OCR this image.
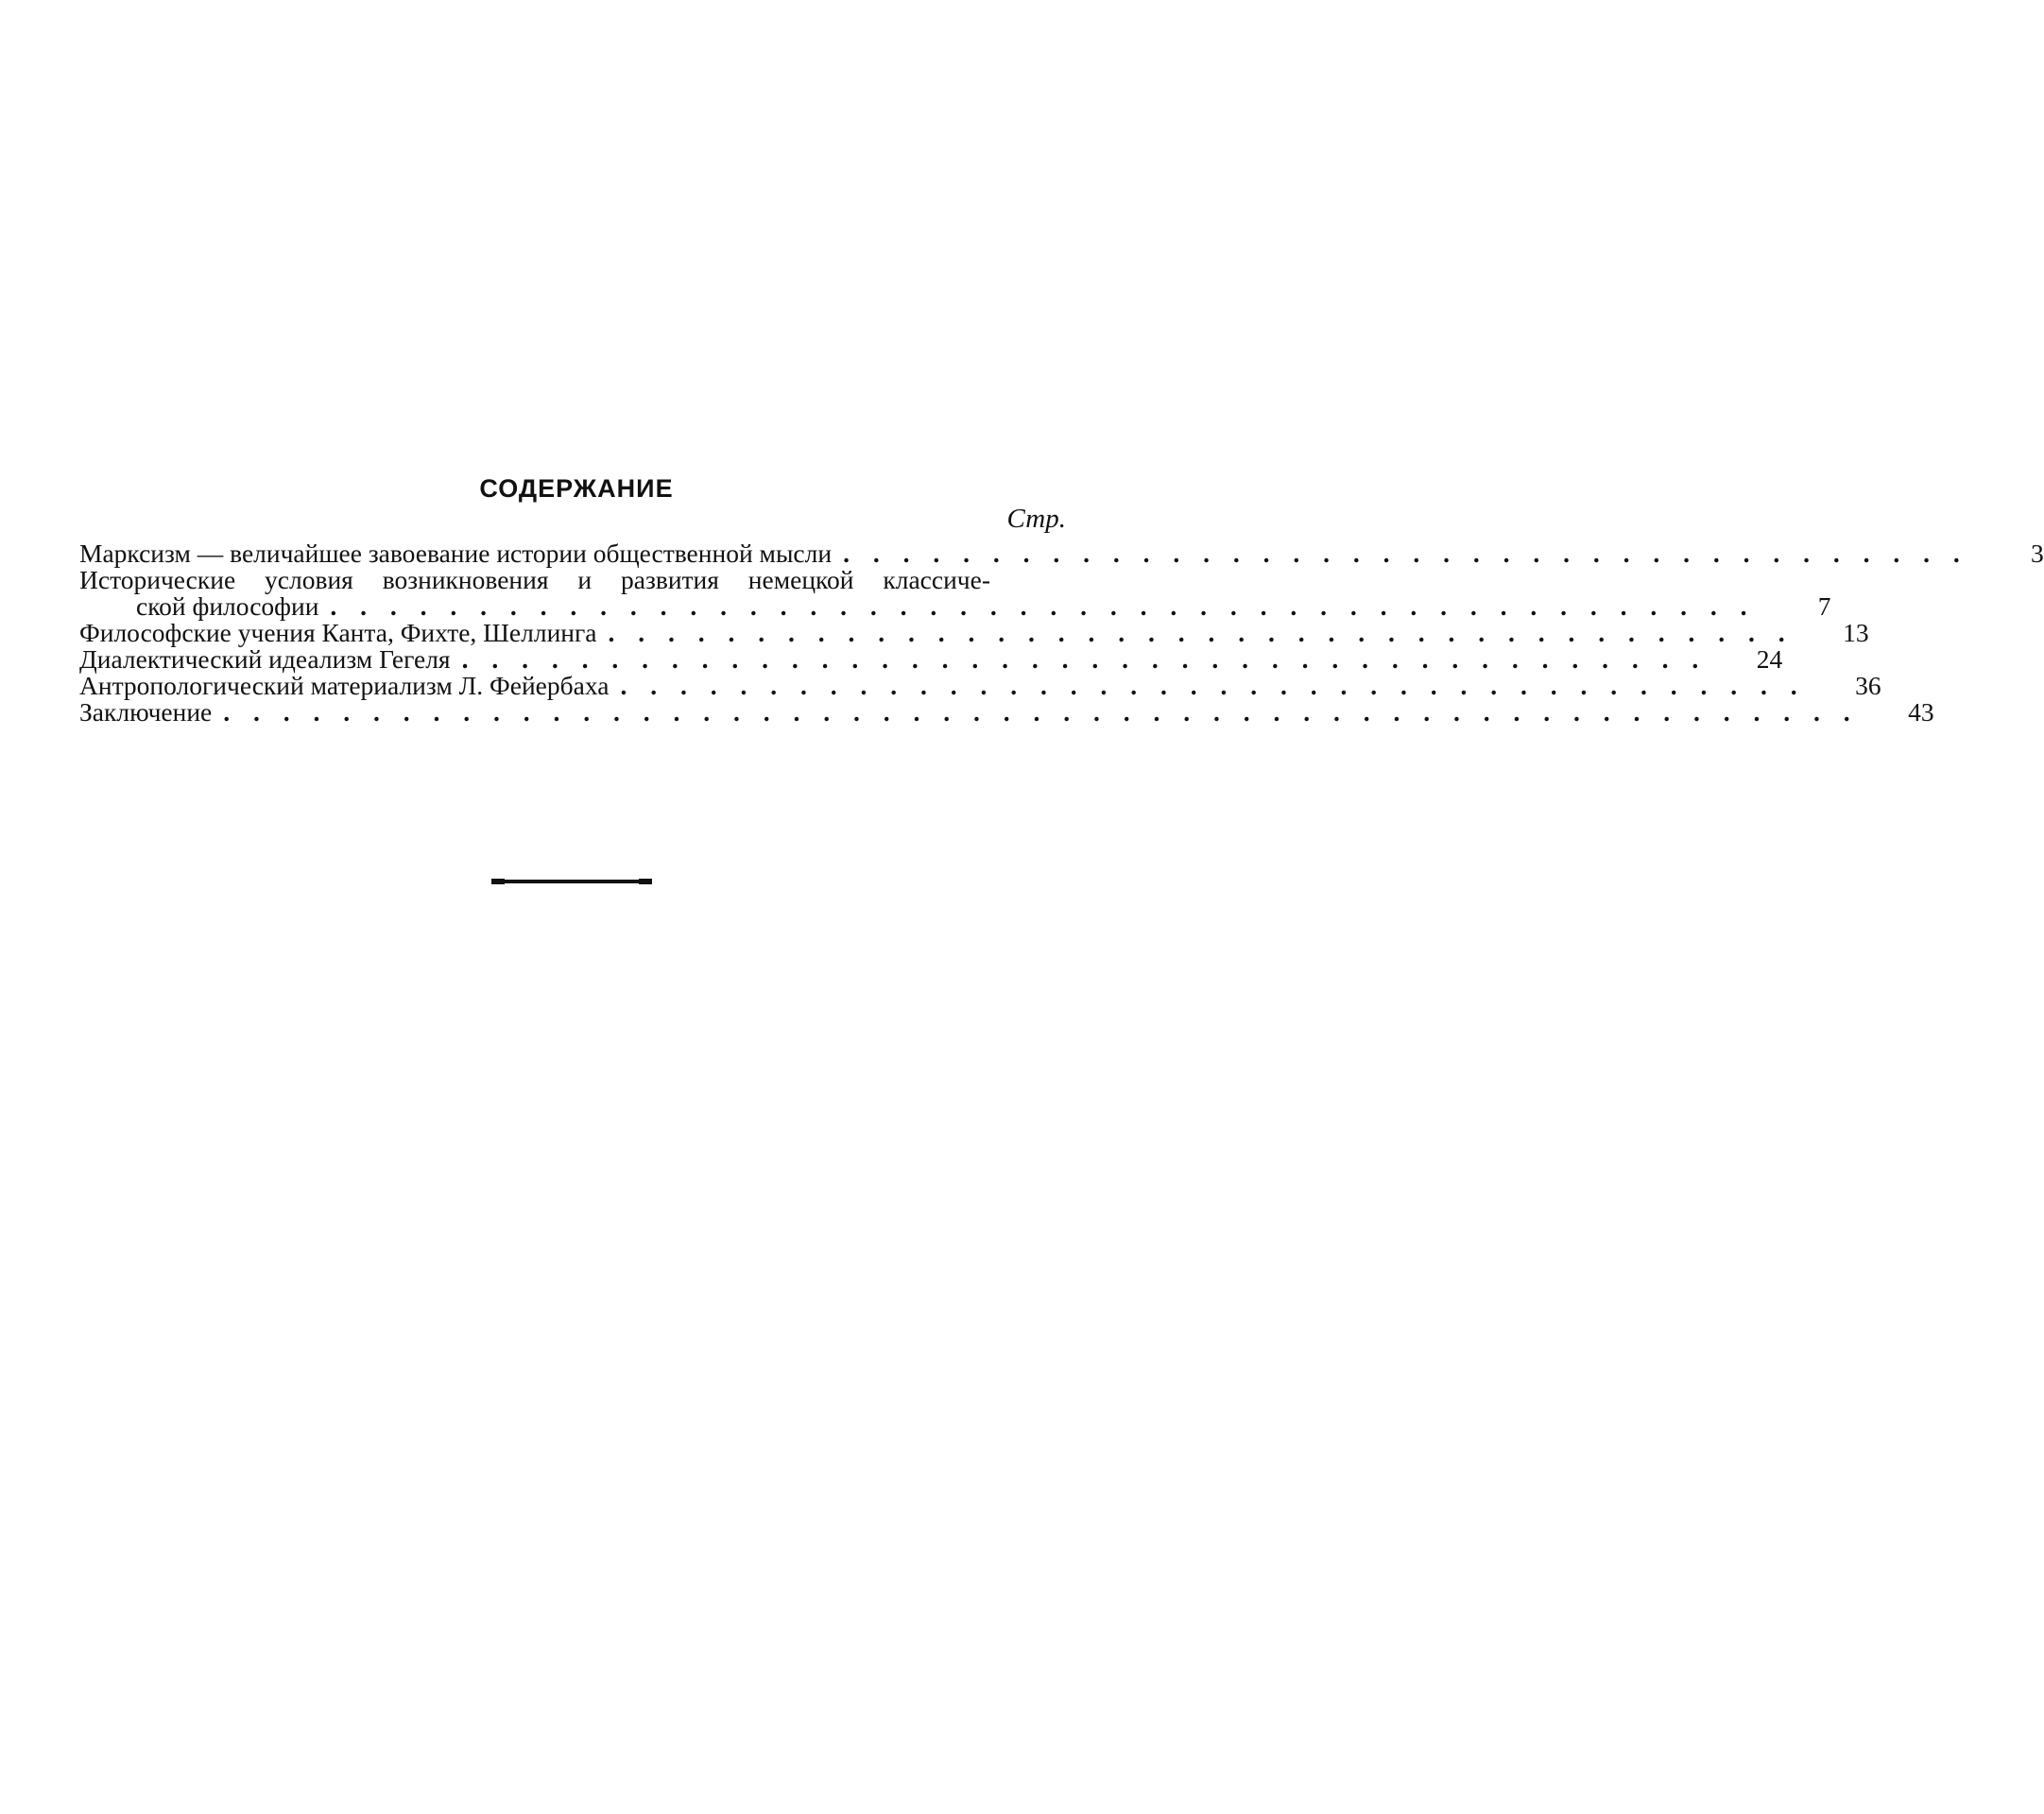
СОДЕРЖАНИЕ
Стр.
Марксизм — величайшее завоевание истории общественной мысли . . . . . . . . . . . . . . . . . . . . . . . . . . . . . . . . . . . . . .	3
Исторические условия возникновения и развития немецкой классиче-
ской философии . . . . . . . . . . . . . . . . . . . . . . . . . . . . . . . . . . . . . . . . . . . . . . . .	7
Философские учения Канта, Фихте, Шеллинга . . . . . . . . . . . . . . . . . . . . . . . . . . . . . . . . . . . . . . . .	13
Диалектический идеализм Гегеля . . . . . . . . . . . . . . . . . . . . . . . . . . . . . . . . . . . . . . . . . .	24
Антропологический материализм Л. Фейербаха . . . . . . . . . . . . . . . . . . . . . . . . . . . . . . . . . . . . . . . .	36
Заключение . . . . . . . . . . . . . . . . . . . . . . . . . . . . . . . . . . . . . . . . . . . . . . . . . . . . . . .	43
